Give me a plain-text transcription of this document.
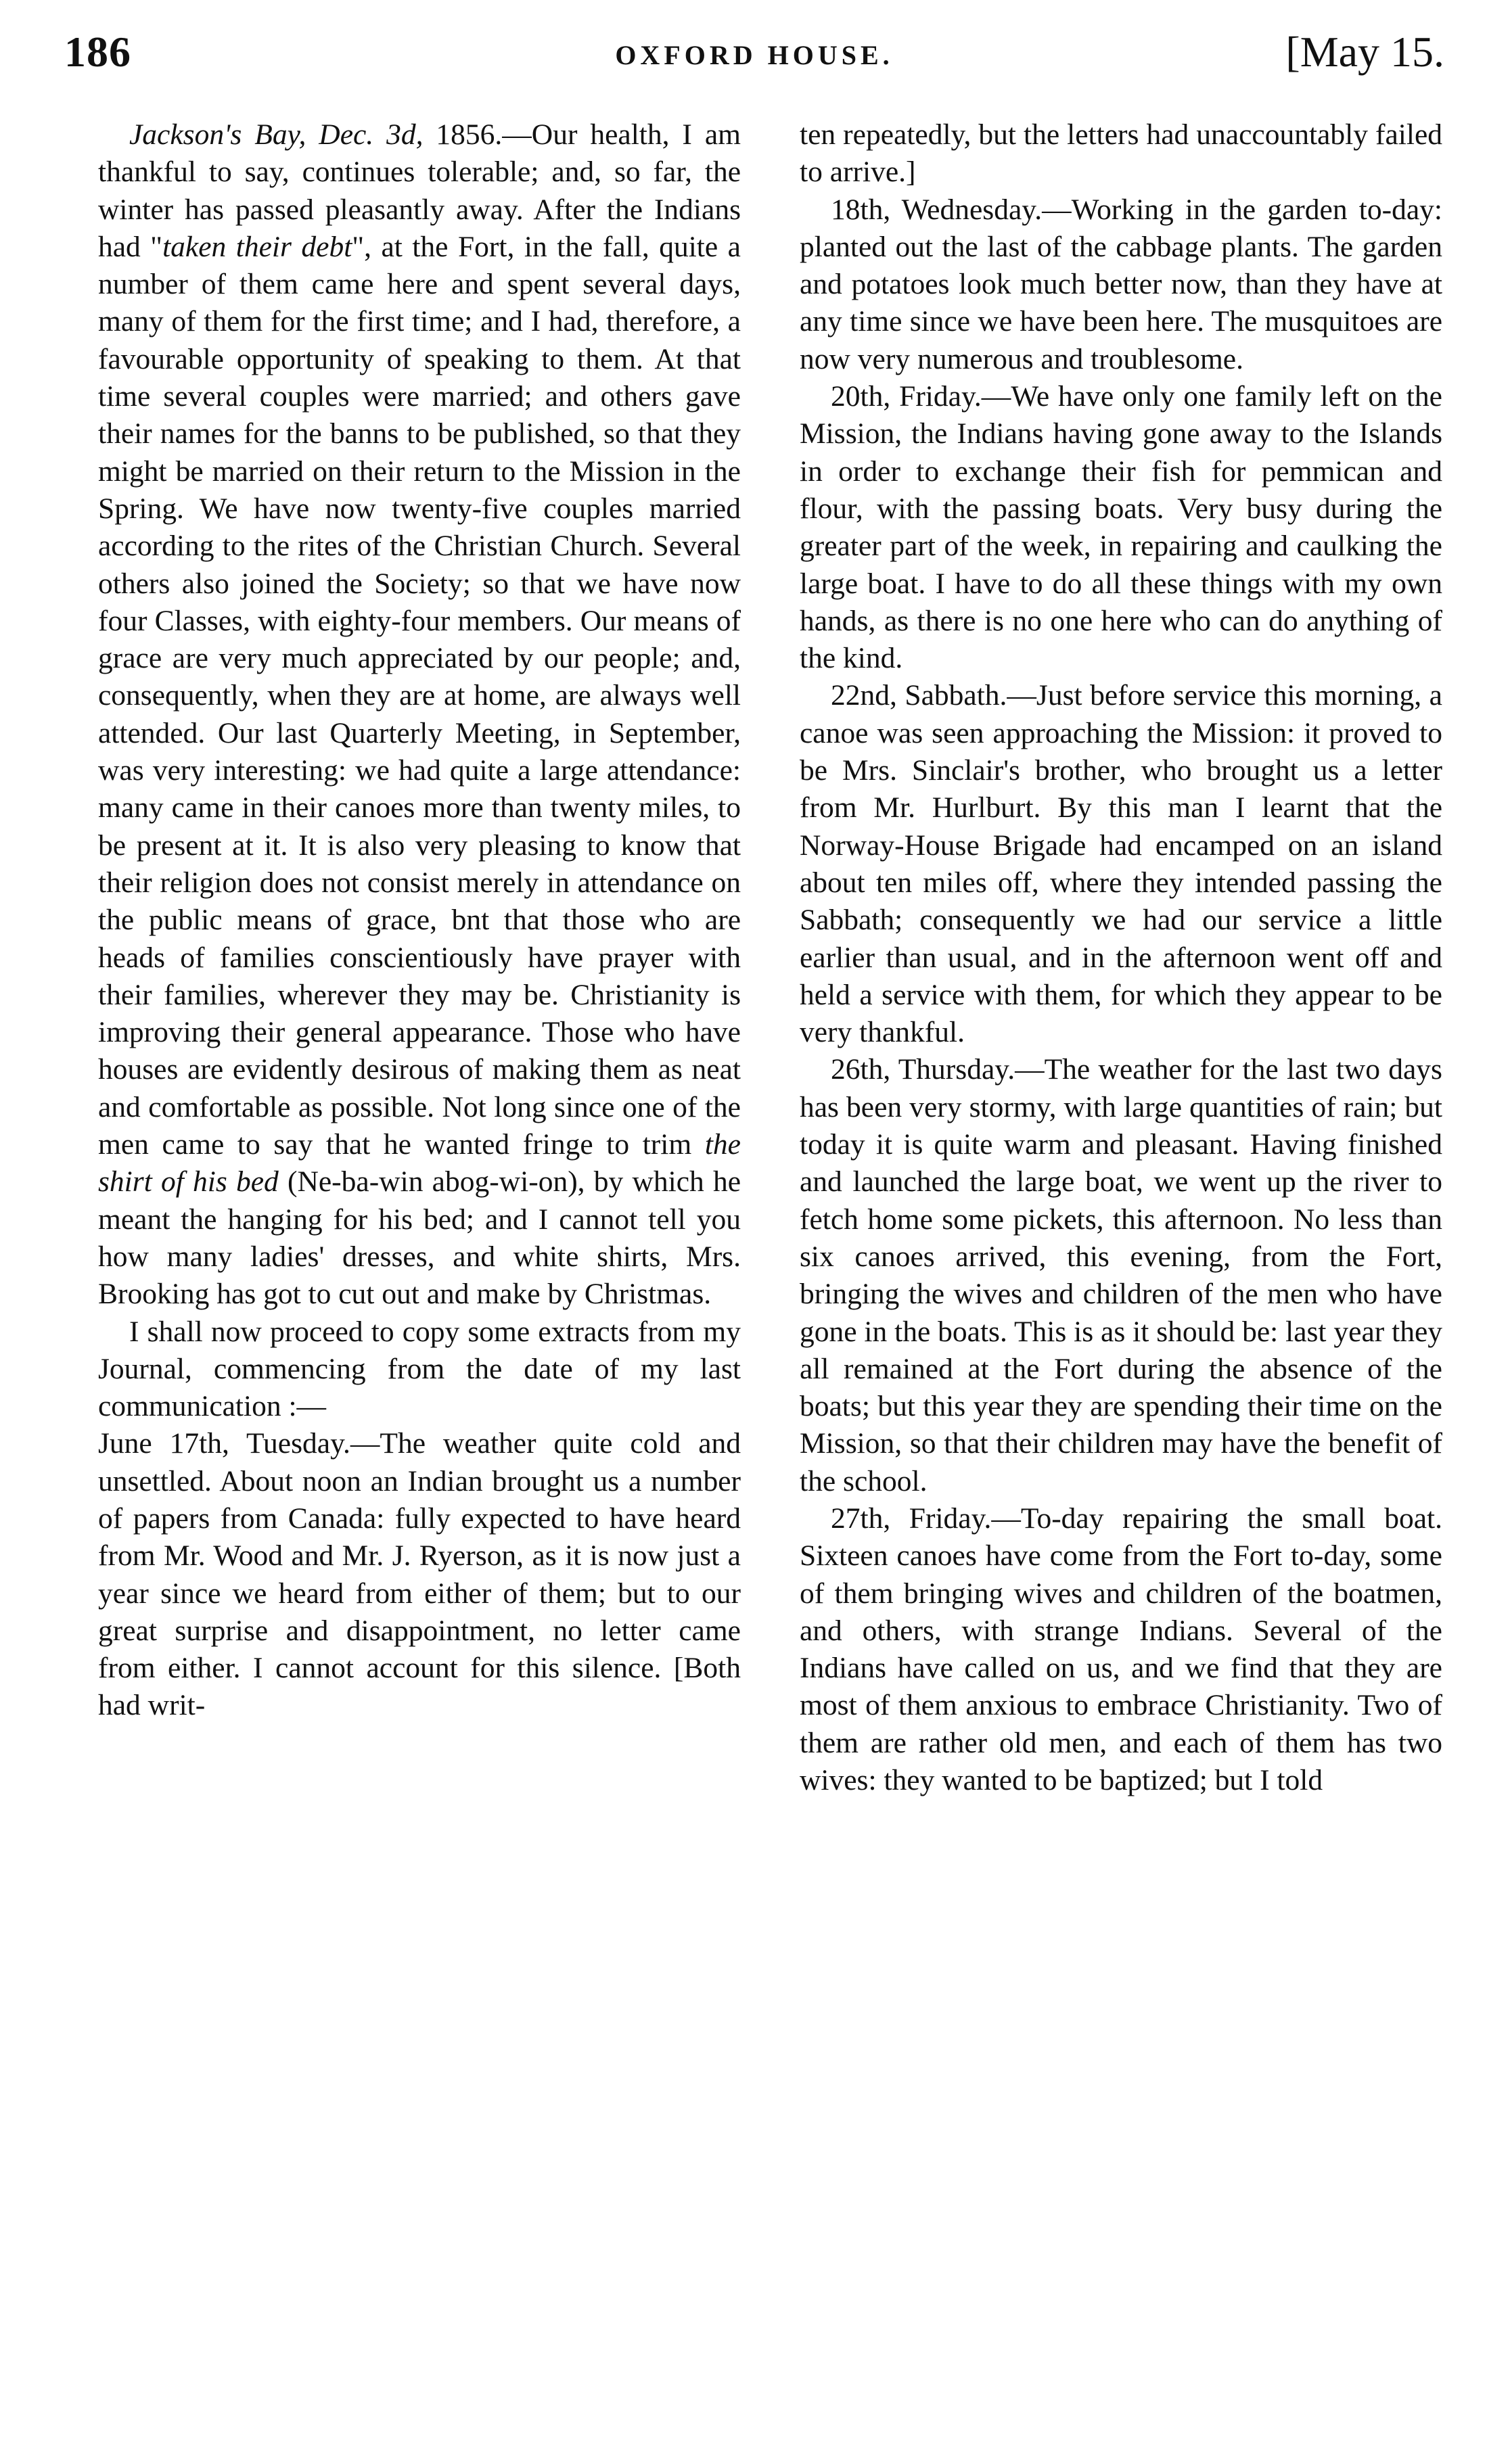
186	OXFORD HOUSE.	[May 15.

Jackson's Bay, Dec. 3d, 1856.—Our health, I am thankful to say, continues tolerable; and, so far, the winter has passed pleasantly away. After the Indians had "taken their debt", at the Fort, in the fall, quite a number of them came here and spent several days, many of them for the first time; and I had, therefore, a favourable opportunity of speaking to them. At that time several couples were married; and others gave their names for the banns to be published, so that they might be married on their return to the Mission in the Spring. We have now twenty-five couples married according to the rites of the Christian Church. Several others also joined the Society; so that we have now four Classes, with eighty-four members. Our means of grace are very much appreciated by our people; and, consequently, when they are at home, are always well attended. Our last Quarterly Meeting, in September, was very interesting: we had quite a large attendance: many came in their canoes more than twenty miles, to be present at it. It is also very pleasing to know that their religion does not consist merely in attendance on the public means of grace, bnt that those who are heads of families conscientiously have prayer with their families, wherever they may be. Christianity is improving their general appearance. Those who have houses are evidently desirous of making them as neat and comfortable as possible. Not long since one of the men came to say that he wanted fringe to trim the shirt of his bed (Ne-ba-win abog-wi-on), by which he meant the hanging for his bed; and I cannot tell you how many ladies' dresses, and white shirts, Mrs. Brooking has got to cut out and make by Christmas.

I shall now proceed to copy some extracts from my Journal, commencing from the date of my last communication :—

June 17th, Tuesday.—The weather quite cold and unsettled. About noon an Indian brought us a number of papers from Canada: fully expected to have heard from Mr. Wood and Mr. J. Ryerson, as it is now just a year since we heard from either of them; but to our great surprise and disappointment, no letter came from either. I cannot account for this silence. [Both had writ-

ten repeatedly, but the letters had unaccountably failed to arrive.]

18th, Wednesday.—Working in the garden to-day: planted out the last of the cabbage plants. The garden and potatoes look much better now, than they have at any time since we have been here. The musquitoes are now very numerous and troublesome.

20th, Friday.—We have only one family left on the Mission, the Indians having gone away to the Islands in order to exchange their fish for pemmican and flour, with the passing boats. Very busy during the greater part of the week, in repairing and caulking the large boat. I have to do all these things with my own hands, as there is no one here who can do anything of the kind.

22nd, Sabbath.—Just before service this morning, a canoe was seen approaching the Mission: it proved to be Mrs. Sinclair's brother, who brought us a letter from Mr. Hurlburt. By this man I learnt that the Norway-House Brigade had encamped on an island about ten miles off, where they intended passing the Sabbath; consequently we had our service a little earlier than usual, and in the afternoon went off and held a service with them, for which they appear to be very thankful.

26th, Thursday.—The weather for the last two days has been very stormy, with large quantities of rain; but today it is quite warm and pleasant. Having finished and launched the large boat, we went up the river to fetch home some pickets, this afternoon. No less than six canoes arrived, this evening, from the Fort, bringing the wives and children of the men who have gone in the boats. This is as it should be: last year they all remained at the Fort during the absence of the boats; but this year they are spending their time on the Mission, so that their children may have the benefit of the school.

27th, Friday.—To-day repairing the small boat. Sixteen canoes have come from the Fort to-day, some of them bringing wives and children of the boatmen, and others, with strange Indians. Several of the Indians have called on us, and we find that they are most of them anxious to embrace Christianity. Two of them are rather old men, and each of them has two wives: they wanted to be baptized; but I told
